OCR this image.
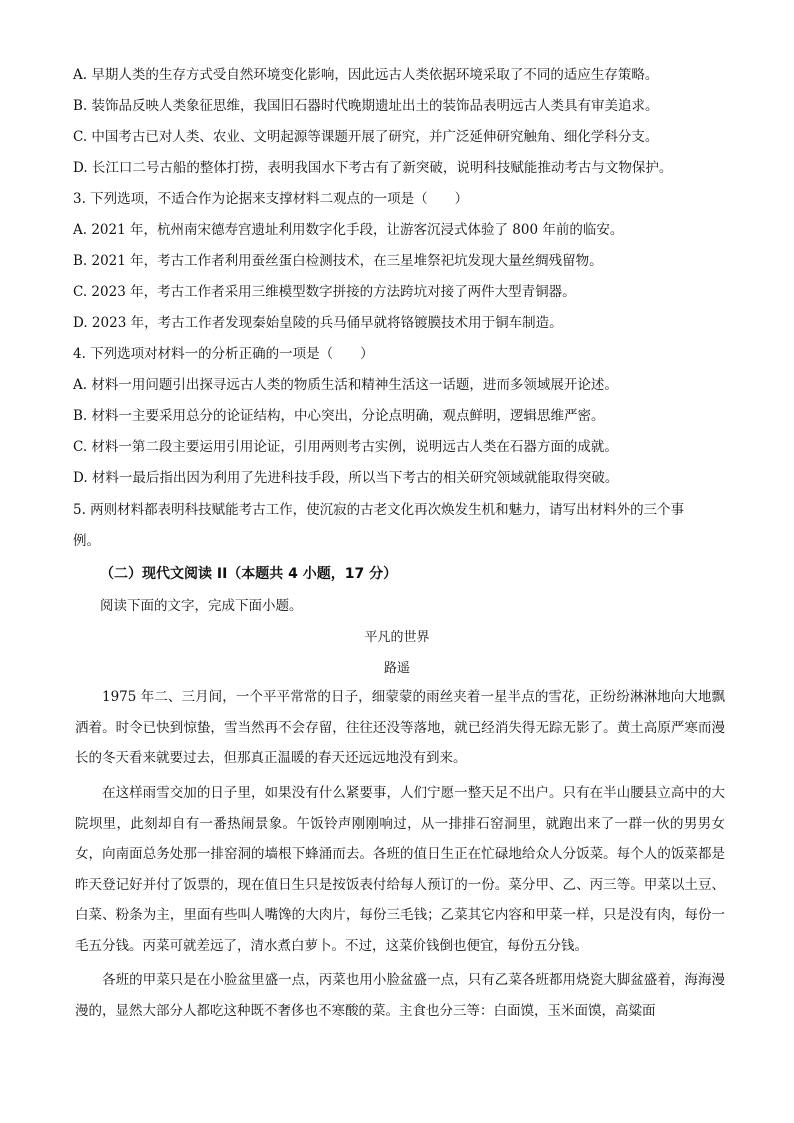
A. 早期人类的生存方式受自然环境变化影响，因此远古人类依据环境采取了不同的适应生存策略。
B. 装饰品反映人类象征思维，我国旧石器时代晚期遗址出土的装饰品表明远古人类具有审美追求。
C. 中国考古已对人类、农业、文明起源等课题开展了研究，并广泛延伸研究触角、细化学科分支。
D. 长江口二号古船的整体打捞，表明我国水下考古有了新突破，说明科技赋能推动考古与文物保护。
3. 下列选项，不适合作为论据来支撑材料二观点的一项是（　　）
A. 2021 年，杭州南宋德寿宫遗址利用数字化手段，让游客沉浸式体验了 800 年前的临安。
B. 2021 年，考古工作者利用蚕丝蛋白检测技术，在三星堆祭祀坑发现大量丝绸残留物。
C. 2023 年，考古工作者采用三维模型数字拼接的方法跨坑对接了两件大型青铜器。
D. 2023 年，考古工作者发现秦始皇陵的兵马俑早就将铬镀膜技术用于铜车制造。
4. 下列选项对材料一的分析正确的一项是（　　）
A. 材料一用问题引出探寻远古人类的物质生活和精神生活这一话题，进而多领域展开论述。
B. 材料一主要采用总分的论证结构，中心突出，分论点明确，观点鲜明，逻辑思维严密。
C. 材料一第二段主要运用引用论证，引用两则考古实例，说明远古人类在石器方面的成就。
D. 材料一最后指出因为利用了先进科技手段，所以当下考古的相关研究领域就能取得突破。
5. 两则材料都表明科技赋能考古工作，使沉寂的古老文化再次焕发生机和魅力，请写出材料外的三个事
例。
（二）现代文阅读 II（本题共 4 小题，17 分）
阅读下面的文字，完成下面小题。
平凡的世界
路遥
1975 年二、三月间，一个平平常常的日子，细蒙蒙的雨丝夹着一星半点的雪花，正纷纷淋淋地向大地飘洒着。时令已快到惊蛰，雪当然再不会存留，往往还没等落地，就已经消失得无踪无影了。黄土高原严寒而漫长的冬天看来就要过去，但那真正温暖的春天还远远地没有到来。
在这样雨雪交加的日子里，如果没有什么紧要事，人们宁愿一整天足不出户。只有在半山腰县立高中的大院坝里，此刻却自有一番热闹景象。午饭铃声刚刚响过，从一排排石窑洞里，就跑出来了一群一伙的男男女女，向南面总务处那一排窑洞的墙根下蜂涌而去。各班的值日生正在忙碌地给众人分饭菜。每个人的饭菜都是昨天登记好并付了饭票的，现在值日生只是按饭表付给每人预订的一份。菜分甲、乙、丙三等。甲菜以土豆、白菜、粉条为主，里面有些叫人嘴馋的大肉片，每份三毛钱；乙菜其它内容和甲菜一样，只是没有肉，每份一毛五分钱。丙菜可就差远了，清水煮白萝卜。不过，这菜价钱倒也便宜，每份五分钱。
各班的甲菜只是在小脸盆里盛一点，丙菜也用小脸盆盛一点，只有乙菜各班都用烧瓷大脚盆盛着，海海漫漫的，显然大部分人都吃这种既不奢侈也不寒酸的菜。主食也分三等：白面馍，玉米面馍，高粱面
